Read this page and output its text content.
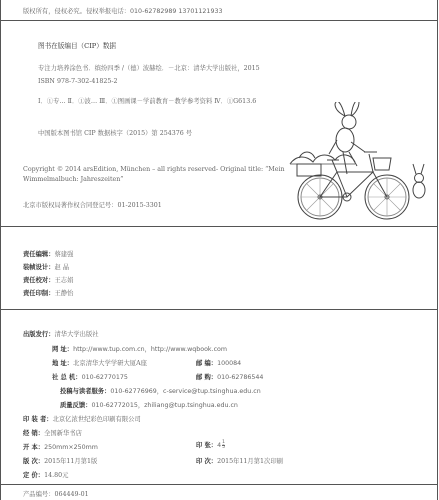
版权所有，侵权必究。侵权举报电话：010-62782989 13701121933
图书在版编目（CIP）数据
专注力培养涂色书．缤纷四季 /（德）波赫绘．－北京：清华大学出版社，2015
ISBN 978-7-302-41825-2
Ⅰ．①专… Ⅱ．①波… Ⅲ．①图画课－学前教育－教学参考资料 Ⅳ．①G613.6
中国版本图书馆 CIP 数据核字（2015）第 254376 号
Copyright © 2014 arsEdition, München – all rights reserved- Original title: “Mein Wimmelmalbuch: Jahreszeiten”
北京市版权局著作权合同登记号：01-2015-3301
责任编辑：蔡建强
装帧设计：赵 晶
责任校对：王志娟
责任印制：王静怡
出版发行：清华大学出版社
网 址：http://www.tup.com.cn，http://www.wqbook.com
地 址：北京清华大学学研大厦A座	邮 编：100084
社 总 机：010-62770175	邮 购：010-62786544
投稿与读者服务：010-62776969，c-service@tup.tsinghua.edu.cn
质量反馈：010-62772015，zhiliang@tup.tsinghua.edu.cn
印 装 者：北京亿浓世纪彩色印刷有限公司
经 销：全国新华书店
开 本：250mm×250mm	印 张：$4 \frac{1}{5}$
版 次：2015年11月第1版	印 次：2015年11月第1次印刷
定 价：14.80元
产品编号：064449-01
